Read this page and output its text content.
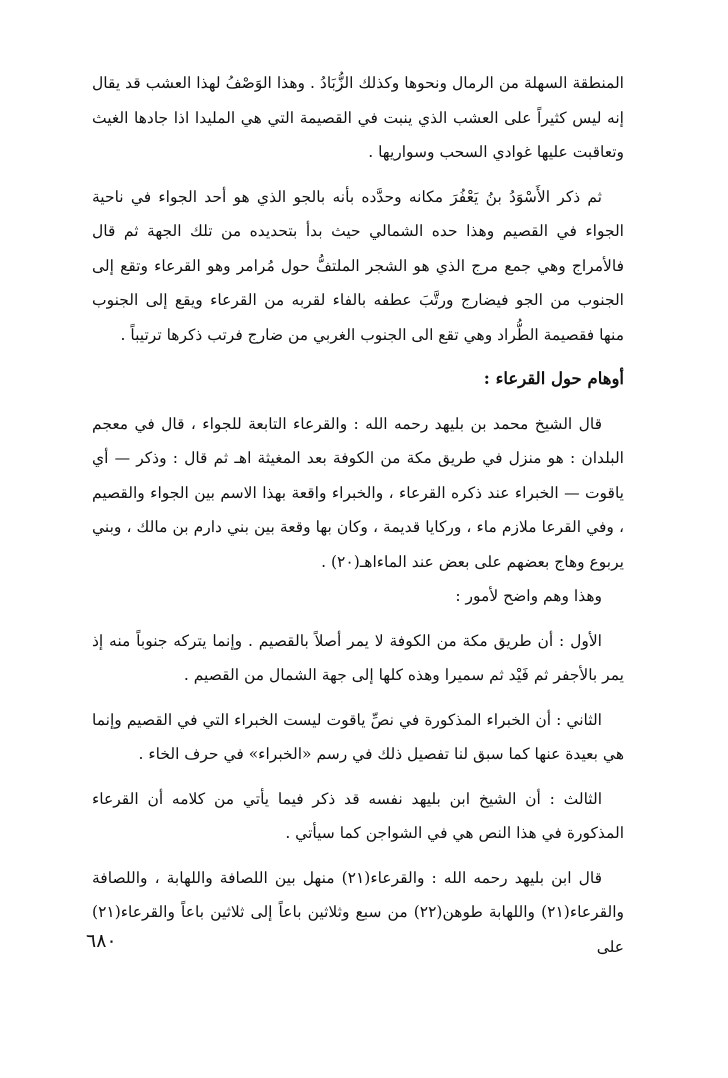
المنطقة السهلة من الرمال ونحوها وكذلك الزُّبَادُ . وهذا الوَصْفُ لهذا العشب قد يقال إنه ليس كثيراً على العشب الذي ينبت في القصيمة التي هي المليدا اذا جادها الغيث وتعاقبت عليها غوادي السحب وسواريها .

ثم ذكر الأَسْوَدُ بنُ يَعْفُرَ مكانه وحدَّده بأنه بالجو الذي هو أحد الجواء في ناحية الجواء في القصيم وهذا حده الشمالي حيث بدأ بتحديده من تلك الجهة ثم قال فالأمراج وهي جمع مرج الذي هو الشجر الملتفُّ حول مُرامر وهو القرعاء وتقع إلى الجنوب من الجو فيضارج ورتَّبَ عطفه بالفاء لقربه من القرعاء ويقع إلى الجنوب منها فقصيمة الطُّراد وهي تقع الى الجنوب الغربي من ضارج فرتب ذكرها ترتيباً .

أوهام حول القرعاء :

قال الشيخ محمد بن بليهد رحمه الله : والقرعاء التابعة للجواء ، قال في معجم البلدان : هو منزل في طريق مكة من الكوفة بعد المغيثة اهـ ثم قال : وذكر — أي ياقوت — الخبراء عند ذكره القرعاء ، والخبراء واقعة بهذا الاسم بين الجواء والقصيم ، وفي القرعا ملازم ماء ، وركايا قديمة ، وكان بها وقعة بين بني دارم بن مالك ، وبني يربوع وهاج بعضهم على بعض عند الماءاهـ(٢٠) .

وهذا وهم واضح لأمور :

الأول : أن طريق مكة من الكوفة لا يمر أصلاً بالقصيم . وإنما يتركه جنوباً منه إذ يمر بالأجفر ثم فَيْد ثم سميرا وهذه كلها إلى جهة الشمال من القصيم .

الثاني : أن الخبراء المذكورة في نصِّ ياقوت ليست الخبراء التي في القصيم وإنما هي بعيدة عنها كما سبق لنا تفصيل ذلك في رسم «الخبراء» في حرف الخاء .

الثالث : أن الشيخ ابن بليهد نفسه قد ذكر فيما يأتي من كلامه أن القرعاء المذكورة في هذا النص هي في الشواجن كما سيأتي .

قال ابن بليهد رحمه الله : والقرعاء(٢١) منهل بين اللصافة واللهابة ، واللصافة والقرعاء(٢١) واللهابة طوهن(٢٢) من سبع وثلاثين باعاً إلى ثلاثين باعاً والقرعاء(٢١) على

٦٨٠
